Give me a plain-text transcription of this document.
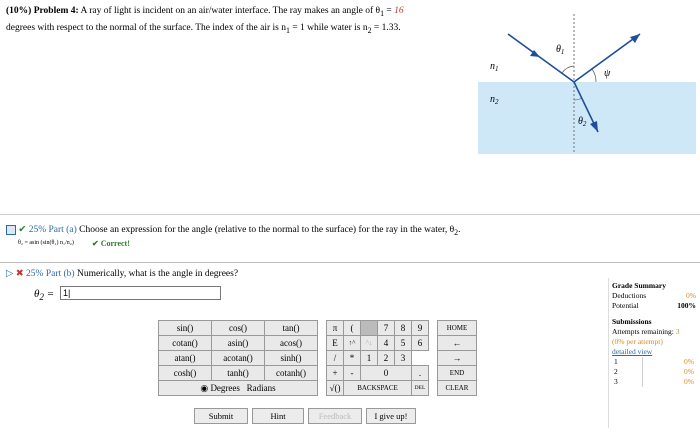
(10%) Problem 4: A ray of light is incident on an air/water interface. The ray makes an angle of $\theta_1 = 16$
degrees with respect to the normal of the surface. The index of the air is $n_1 = 1$ while water is $n_2 = 1.33$.
$n_1$
$n_2$
$\theta_1$
ψ
$\theta_2$
✔ 25% Part (a) Choose an expression for the angle (relative to the normal to the surface) for the ray in the water, $\theta_2$.
θ₂ = asin (sin(θ₁) n₁/n₂) ✔ Correct!
▷ ✖ 25% Part (b) Numerically, what is the angle in degrees?
$\theta_2$ =
1|
sin()	cos()	tan()		π	(		7	8	9		HOME
cotan()	asin()	acos()		E	↑^	^↓	4	5	6		←
atan()	acotan()	sinh()		/	*	1	2	3			→
cosh()	tanh()	cotanh()		+	-	0			.		END
◉ Degrees Radians				√()	BACKSPACE				DEL		CLEAR
Submit	Hint	Feedback	I give up!
Grade Summary
Deductions	0%
Potential	100%
Submissions
Attempts remaining: 3
(0% per attempt)
detailed view
1	0%
2	0%
3	0%
